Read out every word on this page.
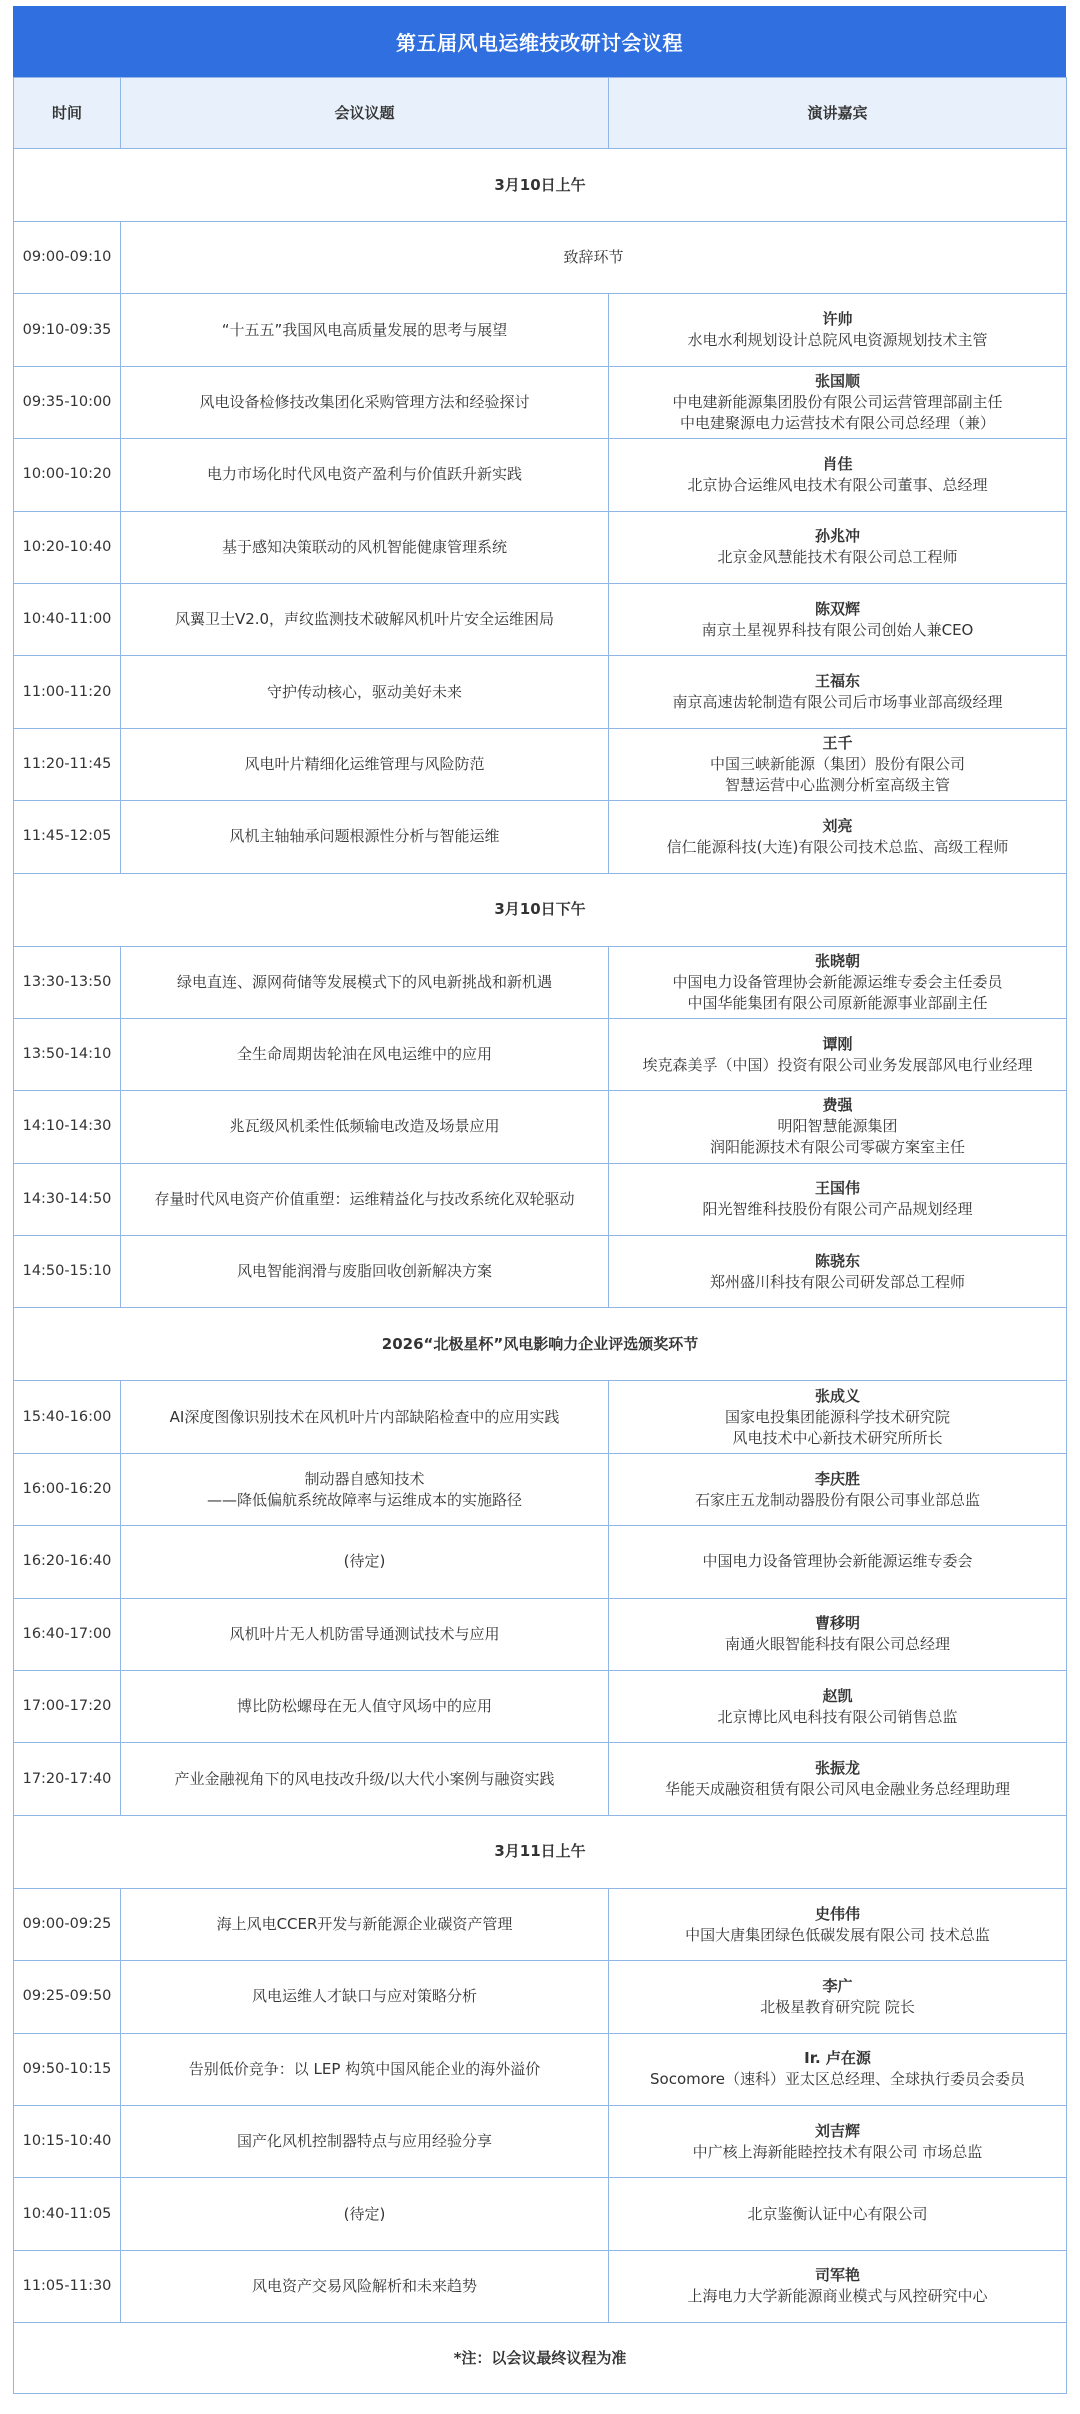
第五届风电运维技改研讨会议程
时间	会议议题	演讲嘉宾
3月10日上午		
09:00-09:10	致辞环节	
09:10-09:35	“十五五”我国风电高质量发展的思考与展望	许帅
水电水利规划设计总院风电资源规划技术主管

09:35-10:00	风电设备检修技改集团化采购管理方法和经验探讨	张国顺
中电建新能源集团股份有限公司运营管理部副主任
中电建聚源电力运营技术有限公司总经理（兼）

10:00-10:20	电力市场化时代风电资产盈利与价值跃升新实践	肖佳
北京协合运维风电技术有限公司董事、总经理

10:20-10:40	基于感知决策联动的风机智能健康管理系统	孙兆冲
北京金风慧能技术有限公司总工程师

10:40-11:00	风翼卫士V2.0，声纹监测技术破解风机叶片安全运维困局	陈双辉
南京土星视界科技有限公司创始人兼CEO

11:00-11:20	守护传动核心，驱动美好未来	王福东
南京高速齿轮制造有限公司后市场事业部高级经理

11:20-11:45	风电叶片精细化运维管理与风险防范	王千
中国三峡新能源（集团）股份有限公司
智慧运营中心监测分析室高级主管

11:45-12:05	风机主轴轴承问题根源性分析与智能运维	刘亮
信仁能源科技(大连)有限公司技术总监、高级工程师

3月10日下午		
13:30-13:50	绿电直连、源网荷储等发展模式下的风电新挑战和新机遇	张晓朝
中国电力设备管理协会新能源运维专委会主任委员
中国华能集团有限公司原新能源事业部副主任

13:50-14:10	全生命周期齿轮油在风电运维中的应用	谭刚
埃克森美孚（中国）投资有限公司业务发展部风电行业经理

14:10-14:30	兆瓦级风机柔性低频输电改造及场景应用	费强
明阳智慧能源集团
润阳能源技术有限公司零碳方案室主任

14:30-14:50	存量时代风电资产价值重塑：运维精益化与技改系统化双轮驱动	王国伟
阳光智维科技股份有限公司产品规划经理

14:50-15:10	风电智能润滑与废脂回收创新解决方案	陈骁东
郑州盛川科技有限公司研发部总工程师

2026“北极星杯”风电影响力企业评选颁奖环节		
15:40-16:00	AI深度图像识别技术在风机叶片内部缺陷检查中的应用实践	张成义
国家电投集团能源科学技术研究院
风电技术中心新技术研究所所长

16:00-16:20	制动器自感知技术
——降低偏航系统故障率与运维成本的实施路径	李庆胜
石家庄五龙制动器股份有限公司事业部总监

16:20-16:40	(待定)	中国电力设备管理协会新能源运维专委会

16:40-17:00	风机叶片无人机防雷导通测试技术与应用	曹移明
南通火眼智能科技有限公司总经理

17:00-17:20	博比防松螺母在无人值守风场中的应用	赵凯
北京博比风电科技有限公司销售总监

17:20-17:40	产业金融视角下的风电技改升级/以大代小案例与融资实践	张振龙
华能天成融资租赁有限公司风电金融业务总经理助理

3月11日上午		
09:00-09:25	海上风电CCER开发与新能源企业碳资产管理	史伟伟
中国大唐集团绿色低碳发展有限公司 技术总监

09:25-09:50	风电运维人才缺口与应对策略分析	李广
北极星教育研究院 院长

09:50-10:15	告别低价竞争：以 LEP 构筑中国风能企业的海外溢价	Ir. 卢在源
Socomore（速科）亚太区总经理、全球执行委员会委员

10:15-10:40	国产化风机控制器特点与应用经验分享	刘吉辉
中广核上海新能睦控技术有限公司 市场总监

10:40-11:05	(待定)	北京鉴衡认证中心有限公司

11:05-11:30	风电资产交易风险解析和未来趋势	司军艳
上海电力大学新能源商业模式与风控研究中心

*注：以会议最终议程为准		
